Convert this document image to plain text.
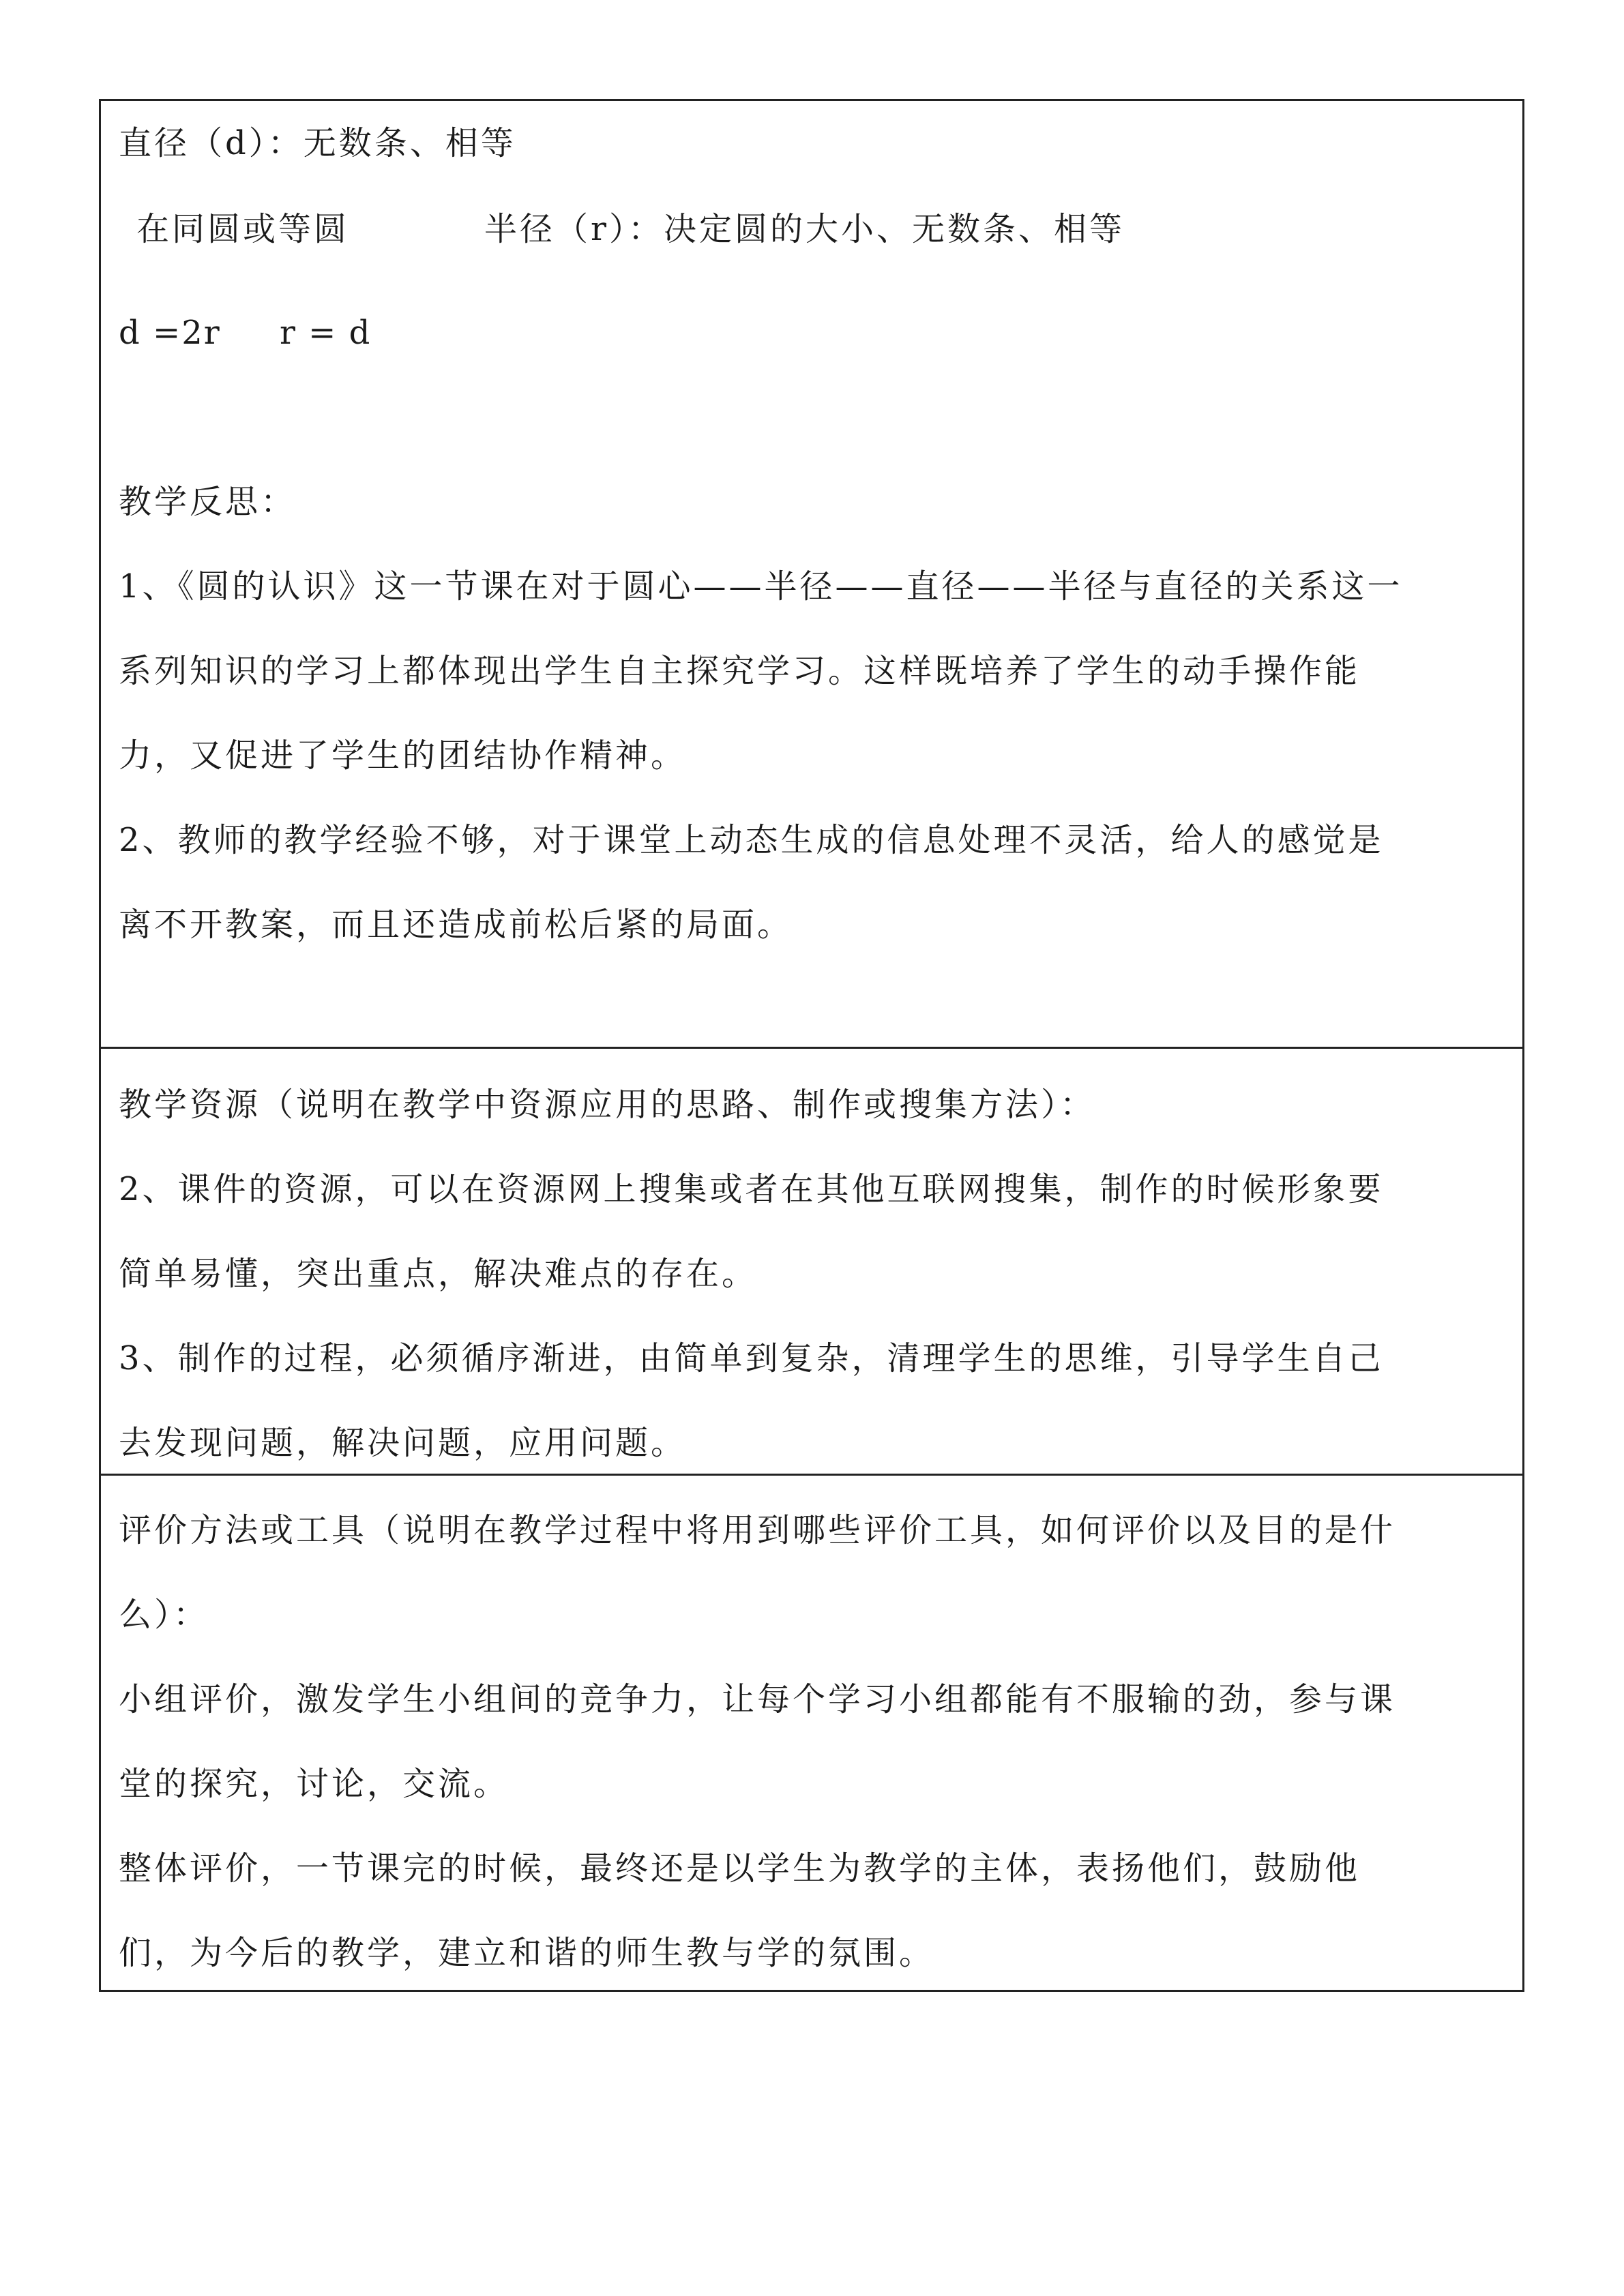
直径（d）：无数条、相等
在同圆或等圆	半径（r）：决定圆的大小、无数条、相等
d =2r     r = d
教学反思：
1、《圆的认识》这一节课在对于圆心——半径——直径——半径与直径的关系这一
系列知识的学习上都体现出学生自主探究学习。这样既培养了学生的动手操作能
力，又促进了学生的团结协作精神。
2、教师的教学经验不够，对于课堂上动态生成的信息处理不灵活，给人的感觉是
离不开教案，而且还造成前松后紧的局面。
教学资源（说明在教学中资源应用的思路、制作或搜集方法）：
2、课件的资源，可以在资源网上搜集或者在其他互联网搜集，制作的时候形象要
简单易懂，突出重点，解决难点的存在。
3、制作的过程，必须循序渐进，由简单到复杂，清理学生的思维，引导学生自己
去发现问题，解决问题，应用问题。
评价方法或工具（说明在教学过程中将用到哪些评价工具，如何评价以及目的是什
么）：
小组评价，激发学生小组间的竞争力，让每个学习小组都能有不服输的劲，参与课
堂的探究，讨论，交流。
整体评价，一节课完的时候，最终还是以学生为教学的主体，表扬他们，鼓励他
们，为今后的教学，建立和谐的师生教与学的氛围。
